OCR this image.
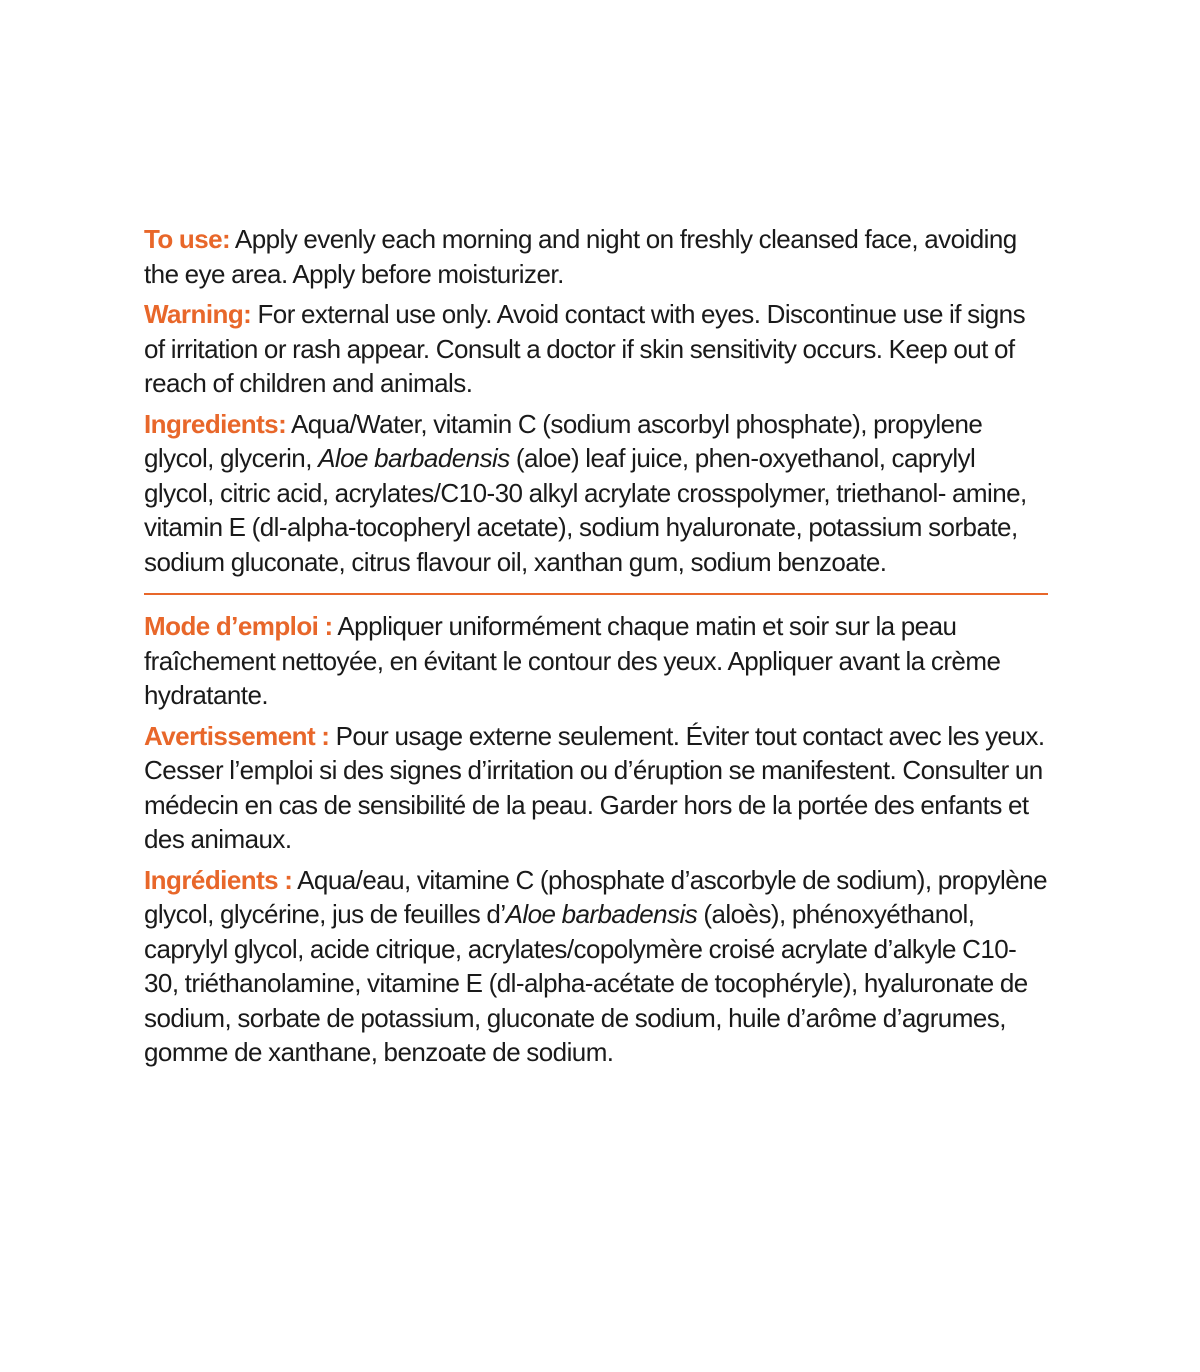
To use: Apply evenly each morning and night on freshly cleansed face, avoiding the eye area. Apply before moisturizer.

Warning: For external use only. Avoid contact with eyes. Discontinue use if signs of irritation or rash appear. Consult a doctor if skin sensitivity occurs. Keep out of reach of children and animals.

Ingredients: Aqua/Water, vitamin C (sodium ascorbyl phosphate), propylene glycol, glycerin, Aloe barbadensis (aloe) leaf juice, phen-oxyethanol, caprylyl glycol, citric acid, acrylates/C10-30 alkyl acrylate crosspolymer, triethanol- amine, vitamin E (dl-alpha-tocopheryl acetate), sodium hyaluronate, potassium sorbate, sodium gluconate, citrus flavour oil, xanthan gum, sodium benzoate.

Mode d’emploi : Appliquer uniformément chaque matin et soir sur la peau fraîchement nettoyée, en évitant le contour des yeux. Appliquer avant la crème hydratante.

Avertissement : Pour usage externe seulement. Éviter tout contact avec les yeux. Cesser l’emploi si des signes d’irritation ou d’éruption se manifestent. Consulter un médecin en cas de sensibilité de la peau. Garder hors de la portée des enfants et des animaux.

Ingrédients : Aqua/eau, vitamine C (phosphate d’ascorbyle de sodium), propylène glycol, glycérine, jus de feuilles d’Aloe barbadensis (aloès), phénoxyéthanol, caprylyl glycol, acide citrique, acrylates/copolymère croisé acrylate d’alkyle C10-30, triéthanolamine, vitamine E (dl-alpha-acétate de tocophéryle), hyaluronate de sodium, sorbate de potassium, gluconate de sodium, huile d’arôme d’agrumes, gomme de xanthane, benzoate de sodium.
